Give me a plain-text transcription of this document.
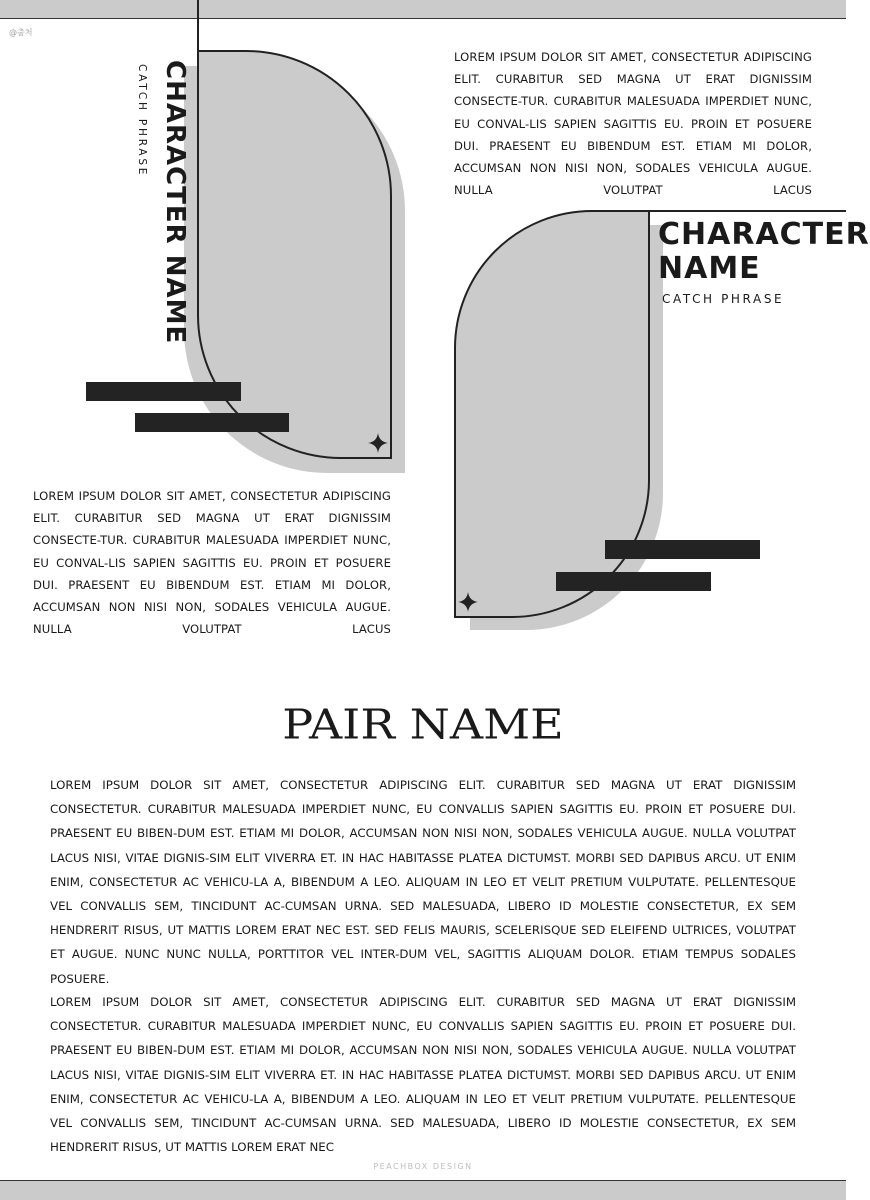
@출처
CHARACTER NAME
CATCH PHRASE
LOREM IPSUM DOLOR SIT AMET, CONSECTETUR ADIPISCING ELIT. CURABITUR SED MAGNA UT ERAT DIGNISSIM CONSECTE-TUR. CURABITUR MALESUADA IMPERDIET NUNC, EU CONVAL-LIS SAPIEN SAGITTIS EU. PROIN ET POSUERE DUI. PRAESENT EU BIBENDUM EST. ETIAM MI DOLOR, ACCUMSAN NON NISI NON, SODALES VEHICULA AUGUE. NULLA VOLUTPAT LACUS
LOREM IPSUM DOLOR SIT AMET, CONSECTETUR ADIPISCING ELIT. CURABITUR SED MAGNA UT ERAT DIGNISSIM CONSECTE-TUR. CURABITUR MALESUADA IMPERDIET NUNC, EU CONVAL-LIS SAPIEN SAGITTIS EU. PROIN ET POSUERE DUI. PRAESENT EU BIBENDUM EST. ETIAM MI DOLOR, ACCUMSAN NON NISI NON, SODALES VEHICULA AUGUE. NULLA VOLUTPAT LACUS
CHARACTER NAME
CATCH PHRASE
PAIR NAME
LOREM IPSUM DOLOR SIT AMET, CONSECTETUR ADIPISCING ELIT. CURABITUR SED MAGNA UT ERAT DIGNISSIM CONSECTETUR. CURABITUR MALESUADA IMPERDIET NUNC, EU CONVALLIS SAPIEN SAGITTIS EU. PROIN ET POSUERE DUI. PRAESENT EU BIBEN-DUM EST. ETIAM MI DOLOR, ACCUMSAN NON NISI NON, SODALES VEHICULA AUGUE. NULLA VOLUTPAT LACUS NISI, VITAE DIGNIS-SIM ELIT VIVERRA ET. IN HAC HABITASSE PLATEA DICTUMST. MORBI SED DAPIBUS ARCU. UT ENIM ENIM, CONSECTETUR AC VEHICU-LA A, BIBENDUM A LEO. ALIQUAM IN LEO ET VELIT PRETIUM VULPUTATE. PELLENTESQUE VEL CONVALLIS SEM, TINCIDUNT AC-CUMSAN URNA. SED MALESUADA, LIBERO ID MOLESTIE CONSECTETUR, EX SEM HENDRERIT RISUS, UT MATTIS LOREM ERAT NEC EST. SED FELIS MAURIS, SCELERISQUE SED ELEIFEND ULTRICES, VOLUTPAT ET AUGUE. NUNC NUNC NULLA, PORTTITOR VEL INTER-DUM VEL, SAGITTIS ALIQUAM DOLOR. ETIAM TEMPUS SODALES POSUERE.
LOREM IPSUM DOLOR SIT AMET, CONSECTETUR ADIPISCING ELIT. CURABITUR SED MAGNA UT ERAT DIGNISSIM CONSECTETUR. CURABITUR MALESUADA IMPERDIET NUNC, EU CONVALLIS SAPIEN SAGITTIS EU. PROIN ET POSUERE DUI. PRAESENT EU BIBEN-DUM EST. ETIAM MI DOLOR, ACCUMSAN NON NISI NON, SODALES VEHICULA AUGUE. NULLA VOLUTPAT LACUS NISI, VITAE DIGNIS-SIM ELIT VIVERRA ET. IN HAC HABITASSE PLATEA DICTUMST. MORBI SED DAPIBUS ARCU. UT ENIM ENIM, CONSECTETUR AC VEHICU-LA A, BIBENDUM A LEO. ALIQUAM IN LEO ET VELIT PRETIUM VULPUTATE. PELLENTESQUE VEL CONVALLIS SEM, TINCIDUNT AC-CUMSAN URNA. SED MALESUADA, LIBERO ID MOLESTIE CONSECTETUR, EX SEM HENDRERIT RISUS, UT MATTIS LOREM ERAT NEC
PEACHBOX DESIGN
